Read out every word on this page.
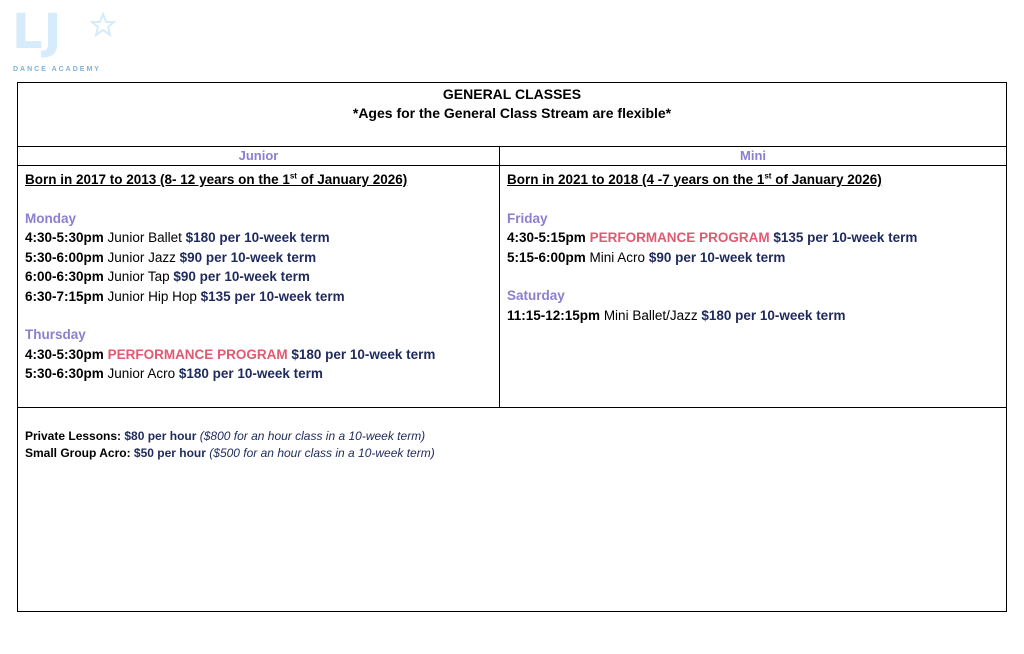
LJ
DANCE ACADEMY
GENERAL CLASSES
*Ages for the General Class Stream are flexible*
Junior
Born in 2017 to 2013 (8- 12 years on the 1st of January 2026)
Monday
4:30-5:30pm Junior Ballet $180 per 10-week term
5:30-6:00pm Junior Jazz $90 per 10-week term
6:00-6:30pm Junior Tap $90 per 10-week term
6:30-7:15pm Junior Hip Hop $135 per 10-week term
Thursday
4:30-5:30pm PERFORMANCE PROGRAM $180 per 10-week term
5:30-6:30pm Junior Acro $180 per 10-week term
Mini
Born in 2021 to 2018 (4 -7 years on the 1st of January 2026)
Friday
4:30-5:15pm PERFORMANCE PROGRAM $135 per 10-week term
5:15-6:00pm Mini Acro $90 per 10-week term
Saturday
11:15-12:15pm Mini Ballet/Jazz $180 per 10-week term
Private Lessons: $80 per hour ($800 for an hour class in a 10-week term)
Small Group Acro: $50 per hour ($500 for an hour class in a 10-week term)
